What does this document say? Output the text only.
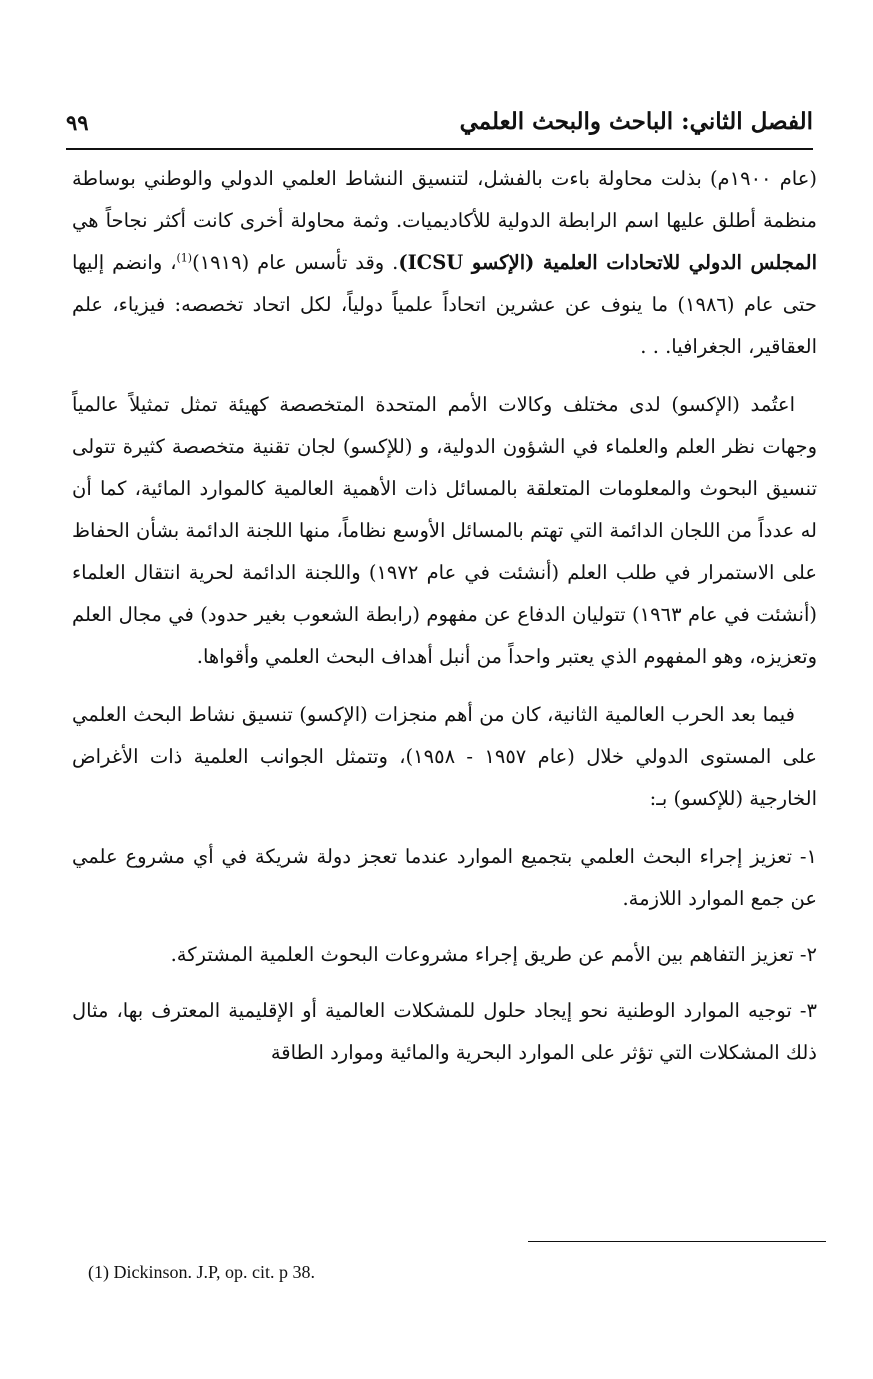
الفصل الثاني: الباحث والبحث العلمي
٩٩

(عام ١٩٠٠م) بذلت محاولة باءت بالفشل، لتنسيق النشاط العلمي الدولي والوطني بوساطة منظمة أطلق عليها اسم الرابطة الدولية للأكاديميات. وثمة محاولة أخرى كانت أكثر نجاحاً هي المجلس الدولي للاتحادات العلمية (الإكسو ICSU). وقد تأسس عام (١٩١٩)$^{(1)}$، وانضم إليها حتى عام (١٩٨٦) ما ينوف عن عشرين اتحاداً علمياً دولياً، لكل اتحاد تخصصه: فيزياء، علم العقاقير، الجغرافيا. . .

اعتُمد (الإكسو) لدى مختلف وكالات الأمم المتحدة المتخصصة كهيئة تمثل تمثيلاً عالمياً وجهات نظر العلم والعلماء في الشؤون الدولية، و (للإكسو) لجان تقنية متخصصة كثيرة تتولى تنسيق البحوث والمعلومات المتعلقة بالمسائل ذات الأهمية العالمية كالموارد المائية، كما أن له عدداً من اللجان الدائمة التي تهتم بالمسائل الأوسع نظاماً، منها اللجنة الدائمة بشأن الحفاظ على الاستمرار في طلب العلم (أنشئت في عام ١٩٧٢) واللجنة الدائمة لحرية انتقال العلماء (أنشئت في عام ١٩٦٣) تتوليان الدفاع عن مفهوم (رابطة الشعوب بغير حدود) في مجال العلم وتعزيزه، وهو المفهوم الذي يعتبر واحداً من أنبل أهداف البحث العلمي وأقواها.

فيما بعد الحرب العالمية الثانية، كان من أهم منجزات (الإكسو) تنسيق نشاط البحث العلمي على المستوى الدولي خلال (عام ١٩٥٧ - ١٩٥٨)، وتتمثل الجوانب العلمية ذات الأغراض الخارجية (للإكسو) بـ:

١- تعزيز إجراء البحث العلمي بتجميع الموارد عندما تعجز دولة شريكة في أي مشروع علمي عن جمع الموارد اللازمة.

٢- تعزيز التفاهم بين الأمم عن طريق إجراء مشروعات البحوث العلمية المشتركة.

٣- توجيه الموارد الوطنية نحو إيجاد حلول للمشكلات العالمية أو الإقليمية المعترف بها، مثال ذلك المشكلات التي تؤثر على الموارد البحرية والمائية وموارد الطاقة

(1) Dickinson. J.P, op. cit. p 38.
